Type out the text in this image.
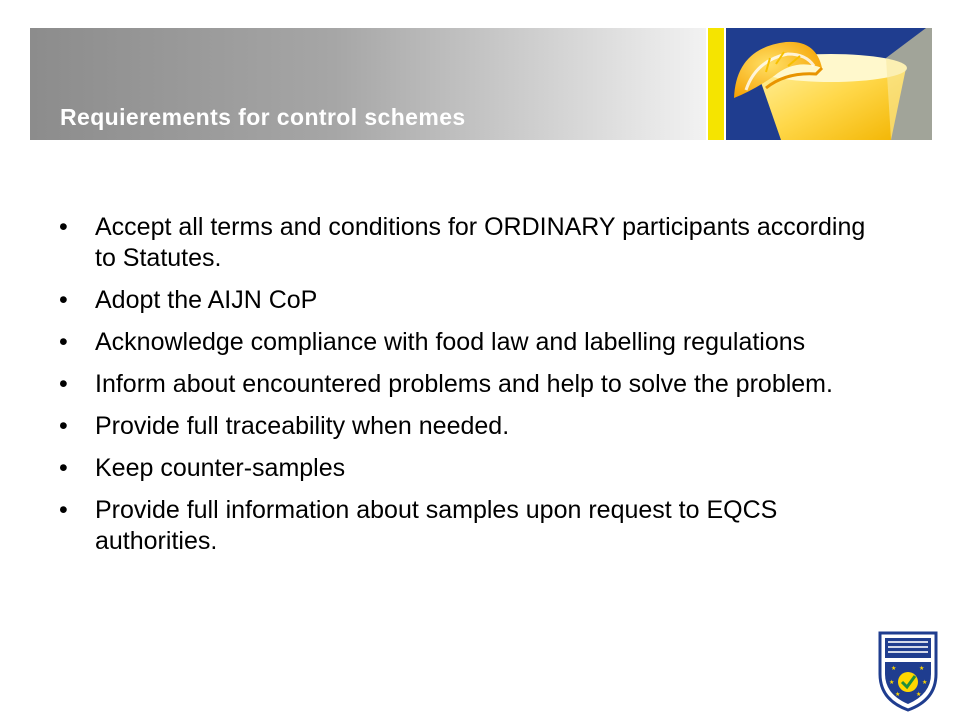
Requierements for control schemes
•	Accept all terms and conditions for ORDINARY participants according to Statutes.
•	Adopt the AIJN CoP
•	Acknowledge compliance with food law and labelling regulations
•	Inform about encountered problems and help to solve the problem.
•	Provide full traceability when needed.
•	Keep counter-samples
•	Provide full information about samples upon request to EQCS authorities.
★	★
★	★
★	★
